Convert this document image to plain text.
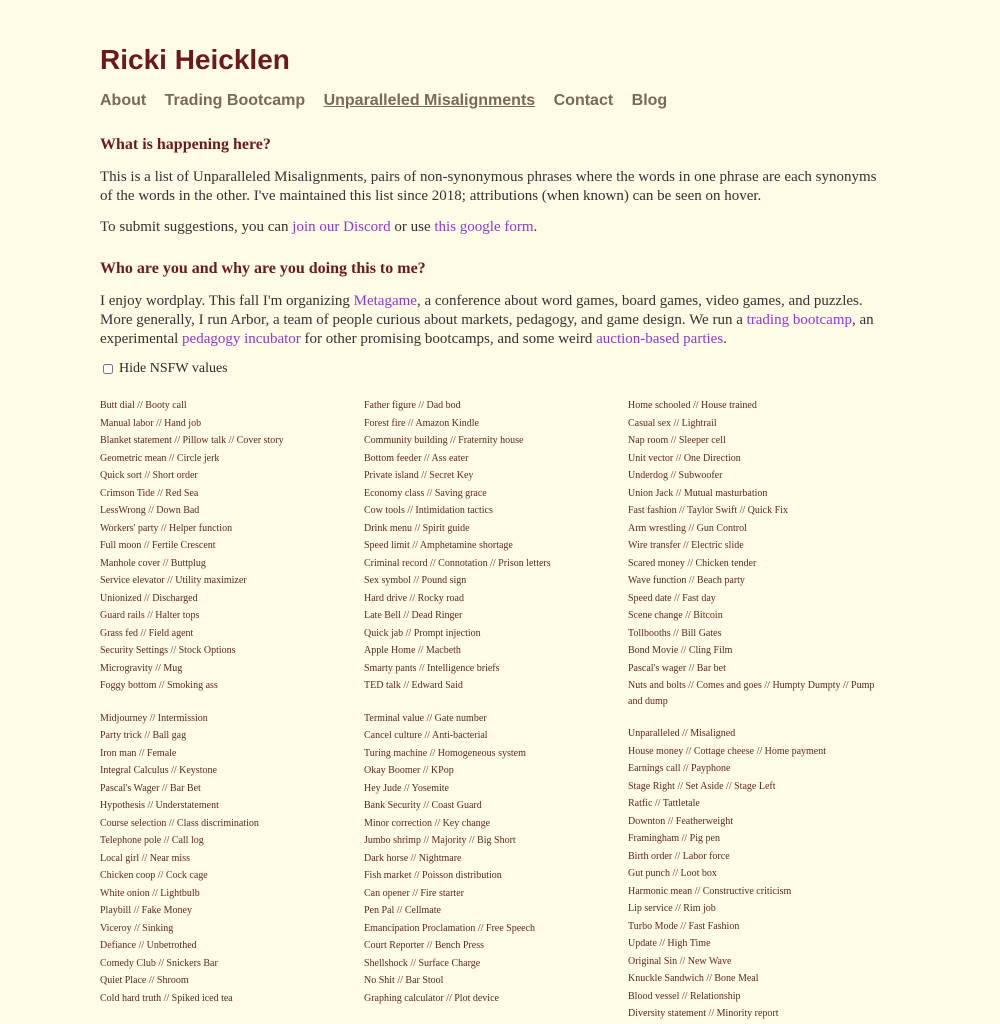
Ricki Heicklen
About Trading Bootcamp Unparalleled Misalignments Contact Blog
What is happening here?

This is a list of Unparalleled Misalignments, pairs of non-synonymous phrases where the words in one phrase are each synonyms of the words in the other. I've maintained this list since 2018; attributions (when known) can be seen on hover.

To submit suggestions, you can join our Discord or use this google form.

Who are you and why are you doing this to me?

I enjoy wordplay. This fall I'm organizing Metagame, a conference about word games, board games, video games, and puzzles. More generally, I run Arbor, a team of people curious about markets, pedagogy, and game design. We run a trading bootcamp, an experimental pedagogy incubator for other promising bootcamps, and some weird auction-based parties.

Hide NSFW values
Butt dial // Booty call
Manual labor // Hand job
Blanket statement // Pillow talk // Cover story
Geometric mean // Circle jerk
Quick sort // Short order
Crimson Tide // Red Sea
LessWrong // Down Bad
Workers' party // Helper function
Full moon // Fertile Crescent
Manhole cover // Buttplug
Service elevator // Utility maximizer
Unionized // Discharged
Guard rails // Halter tops
Grass fed // Field agent
Security Settings // Stock Options
Microgravity // Mug
Foggy bottom // Smoking ass
Midjourney // Intermission
Party trick // Ball gag
Iron man // Female
Integral Calculus // Keystone
Pascal's Wager // Bar Bet
Hypothesis // Understatement
Course selection // Class discrimination
Telephone pole // Call log
Local girl // Near miss
Chicken coop // Cock cage
White onion // Lightbulb
Playbill // Fake Money
Viceroy // Sinking
Defiance // Unbetrothed
Comedy Club // Snickers Bar
Quiet Place // Shroom
Cold hard truth // Spiked iced tea
Father figure // Dad bod
Forest fire // Amazon Kindle
Community building // Fraternity house
Bottom feeder // Ass eater
Private island // Secret Key
Economy class // Saving grace
Cow tools // Intimidation tactics
Drink menu // Spirit guide
Speed limit // Amphetamine shortage
Criminal record // Connotation // Prison letters
Sex symbol // Pound sign
Hard drive // Rocky road
Late Bell // Dead Ringer
Quick jab // Prompt injection
Apple Home // Macbeth
Smarty pants // Intelligence briefs
TED talk // Edward Said
Terminal value // Gate number
Cancel culture // Anti-bacterial
Turing machine // Homogeneous system
Okay Boomer // KPop
Hey Jude // Yosemite
Bank Security // Coast Guard
Minor correction // Key change
Jumbo shrimp // Majority // Big Short
Dark horse // Nightmare
Fish market // Poisson distribution
Can opener // Fire starter
Pen Pal // Cellmate
Emancipation Proclamation // Free Speech
Court Reporter // Bench Press
Shellshock // Surface Charge
No Shit // Bar Stool
Graphing calculator // Plot device
Home schooled // House trained
Casual sex // Lightrail
Nap room // Sleeper cell
Unit vector // One Direction
Underdog // Subwoofer
Union Jack // Mutual masturbation
Fast fashion // Taylor Swift // Quick Fix
Arm wrestling // Gun Control
Wire transfer // Electric slide
Scared money // Chicken tender
Wave function // Beach party
Speed date // Fast day
Scene change // Bitcoin
Tollbooths // Bill Gates
Bond Movie // Cling Film
Pascal's wager // Bar bet
Nuts and bolts // Comes and goes // Humpty Dumpty // Pump and dump
Unparalleled // Misaligned
House money // Cottage cheese // Home payment
Earnings call // Payphone
Stage Right // Set Aside // Stage Left
Ratfic // Tattletale
Downton // Featherweight
Framingham // Pig pen
Birth order // Labor force
Gut punch // Loot box
Harmonic mean // Constructive criticism
Lip service // Rim job
Turbo Mode // Fast Fashion
Update // High Time
Original Sin // New Wave
Knuckle Sandwich // Bone Meal
Blood vessel // Relationship
Diversity statement // Minority report
